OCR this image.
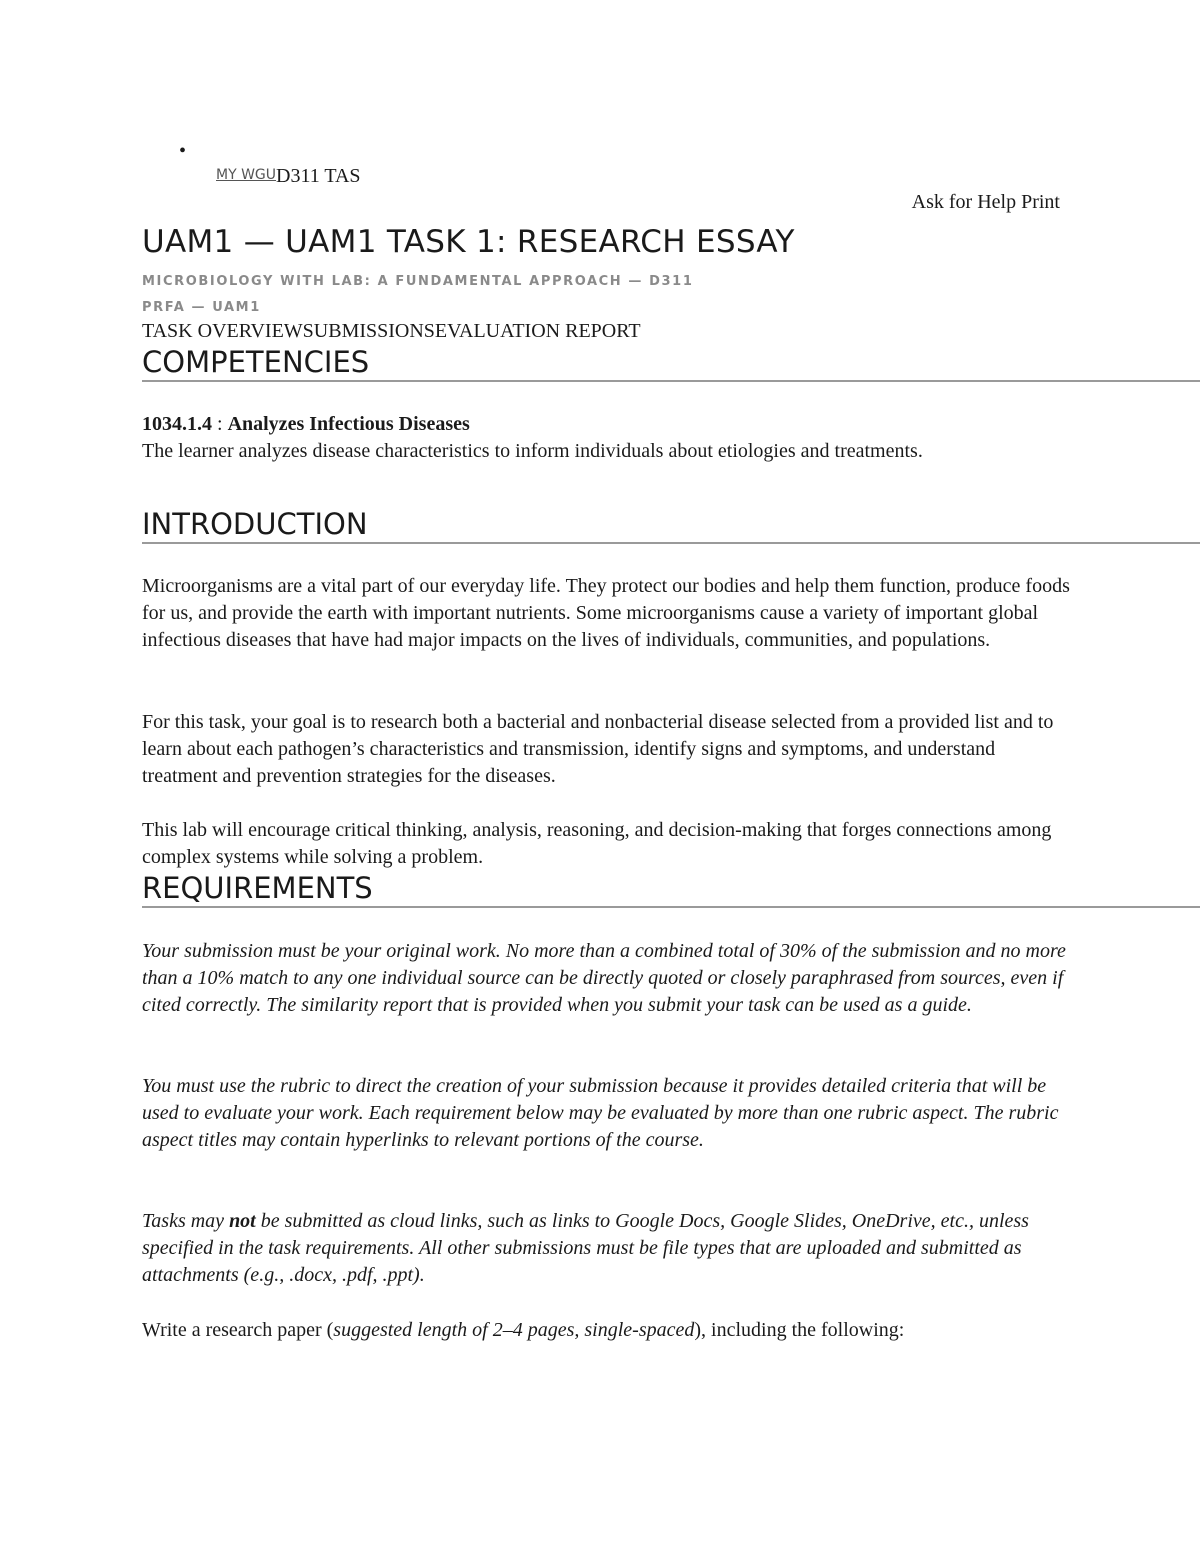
•
MY WGUD311 TAS
Ask for Help Print
UAM1 — UAM1 TASK 1: RESEARCH ESSAY
MICROBIOLOGY WITH LAB: A FUNDAMENTAL APPROACH — D311
PRFA — UAM1
TASK OVERVIEWSUBMISSIONSEVALUATION REPORT
COMPETENCIES

1034.1.4 : Analyzes Infectious Diseases

The learner analyzes disease characteristics to inform individuals about etiologies and treatments.

INTRODUCTION

Microorganisms are a vital part of our everyday life. They protect our bodies and help them function, produce foods for us, and provide the earth with important nutrients. Some microorganisms cause a variety of important global infectious diseases that have had major impacts on the lives of individuals, communities, and populations.

For this task, your goal is to research both a bacterial and nonbacterial disease selected from a provided list and to learn about each pathogen’s characteristics and transmission, identify signs and symptoms, and understand treatment and prevention strategies for the diseases.

This lab will encourage critical thinking, analysis, reasoning, and decision-making that forges connections among complex systems while solving a problem.

REQUIREMENTS

Your submission must be your original work. No more than a combined total of 30% of the submission and no more than a 10% match to any one individual source can be directly quoted or closely paraphrased from sources, even if cited correctly. The similarity report that is provided when you submit your task can be used as a guide.

You must use the rubric to direct the creation of your submission because it provides detailed criteria that will be used to evaluate your work. Each requirement below may be evaluated by more than one rubric aspect. The rubric aspect titles may contain hyperlinks to relevant portions of the course.

Tasks may not be submitted as cloud links, such as links to Google Docs, Google Slides, OneDrive, etc., unless specified in the task requirements. All other submissions must be file types that are uploaded and submitted as attachments (e.g., .docx, .pdf, .ppt).

Write a research paper (suggested length of 2–4 pages, single-spaced), including the following:
